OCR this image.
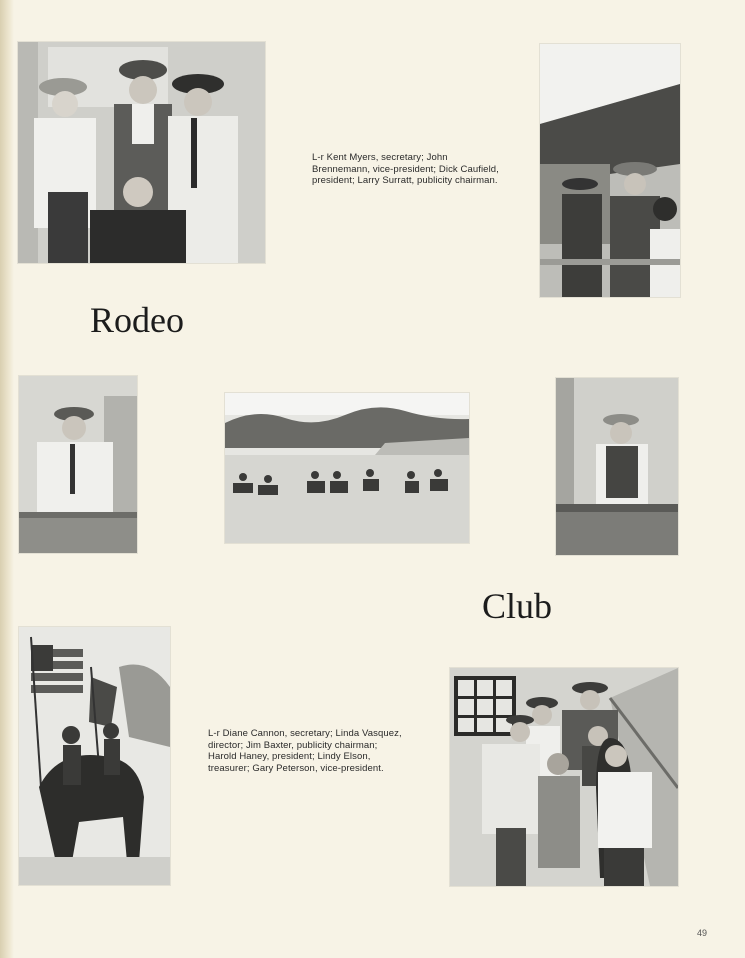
L-r Kent Myers, secretary; John Brennemann, vice-president; Dick Caufield, president; Larry Surratt, publicity chairman.
Rodeo
Club
L-r Diane Cannon, secretary; Linda Vasquez, director; Jim Baxter, publicity chairman; Harold Haney, president; Lindy Elson, treasurer; Gary Peterson, vice-president.
49
